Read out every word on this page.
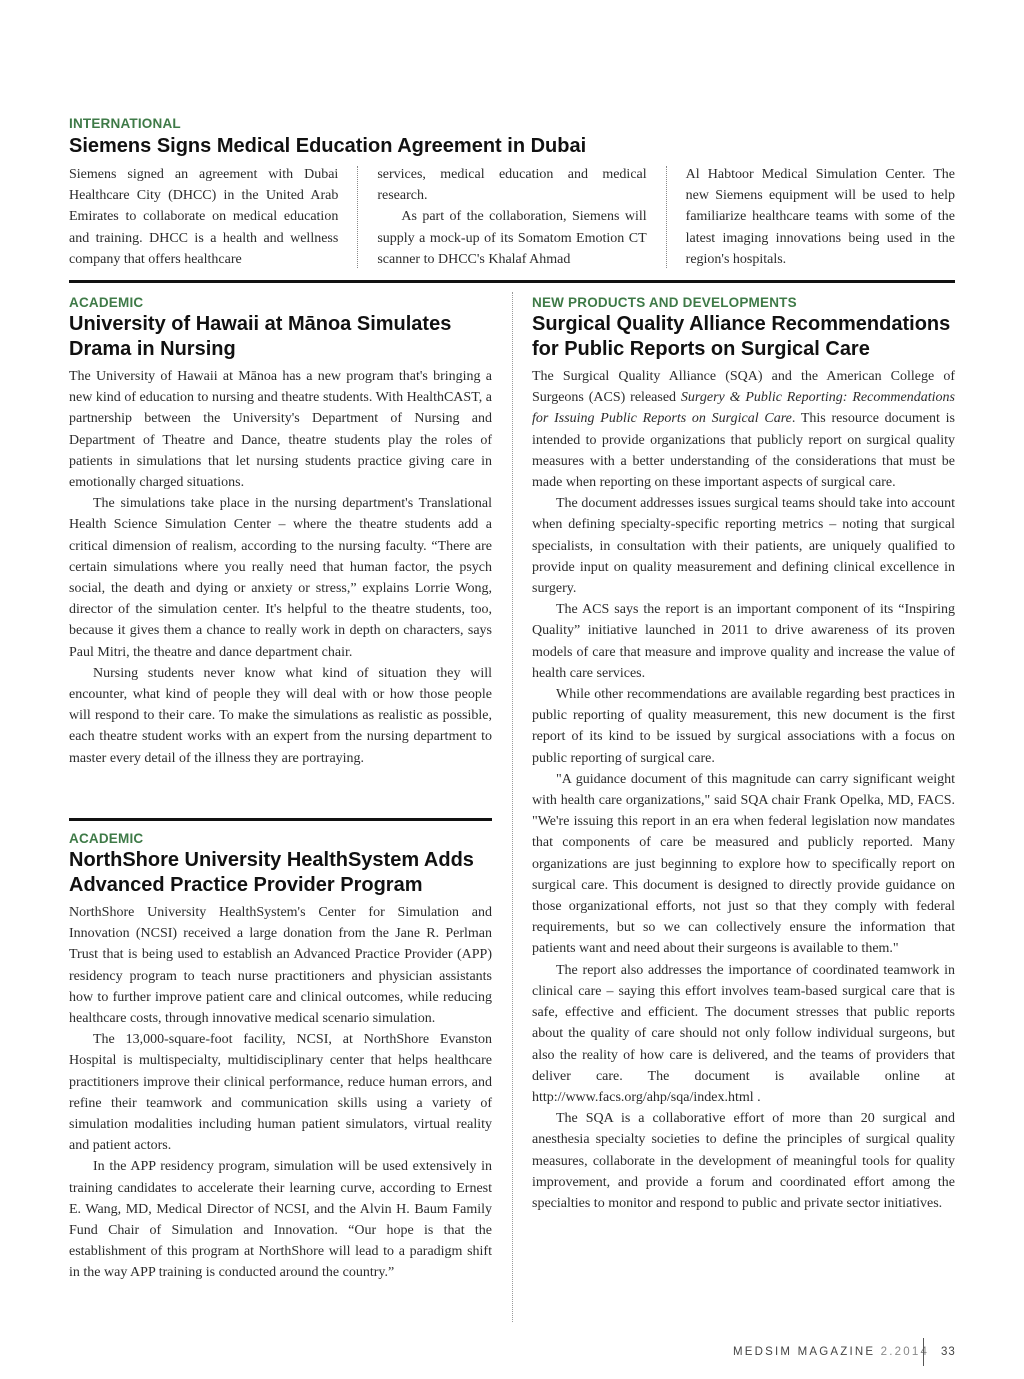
INTERNATIONAL
Siemens Signs Medical Education Agreement in Dubai

Siemens signed an agreement with Dubai Healthcare City (DHCC) in the United Arab Emirates to collaborate on medical education and training. DHCC is a health and wellness company that offers healthcare

services, medical education and medical research.

As part of the collaboration, Siemens will supply a mock-up of its Somatom Emotion CT scanner to DHCC's Khalaf Ahmad

Al Habtoor Medical Simulation Center. The new Siemens equipment will be used to help familiarize healthcare teams with some of the latest imaging innovations being used in the region's hospitals.

ACADEMIC
University of Hawaii at Mānoa Simulates Drama in Nursing

The University of Hawaii at Mānoa has a new program that's bringing a new kind of education to nursing and theatre students. With HealthCAST, a partnership between the University's Department of Nursing and Department of Theatre and Dance, theatre students play the roles of patients in simulations that let nursing students practice giving care in emotionally charged situations.

The simulations take place in the nursing department's Translational Health Science Simulation Center – where the theatre students add a critical dimension of realism, according to the nursing faculty. “There are certain simulations where you really need that human factor, the psych social, the death and dying or anxiety or stress,” explains Lorrie Wong, director of the simulation center. It's helpful to the theatre students, too, because it gives them a chance to really work in depth on characters, says Paul Mitri, the theatre and dance department chair.

Nursing students never know what kind of situation they will encounter, what kind of people they will deal with or how those people will respond to their care. To make the simulations as realistic as possible, each theatre student works with an expert from the nursing department to master every detail of the illness they are portraying.

ACADEMIC
NorthShore University HealthSystem Adds Advanced Practice Provider Program

NorthShore University HealthSystem's Center for Simulation and Innovation (NCSI) received a large donation from the Jane R. Perlman Trust that is being used to establish an Advanced Practice Provider (APP) residency program to teach nurse practitioners and physician assistants how to further improve patient care and clinical outcomes, while reducing healthcare costs, through innovative medical scenario simulation.

The 13,000-square-foot facility, NCSI, at NorthShore Evanston Hospital is multispecialty, multidisciplinary center that helps healthcare practitioners improve their clinical performance, reduce human errors, and refine their teamwork and communication skills using a variety of simulation modalities including human patient simulators, virtual reality and patient actors.

In the APP residency program, simulation will be used extensively in training candidates to accelerate their learning curve, according to Ernest E. Wang, MD, Medical Director of NCSI, and the Alvin H. Baum Family Fund Chair of Simulation and Innovation. “Our hope is that the establishment of this program at NorthShore will lead to a paradigm shift in the way APP training is conducted around the country.”

NEW PRODUCTS AND DEVELOPMENTS
Surgical Quality Alliance Recommendations for Public Reports on Surgical Care

The Surgical Quality Alliance (SQA) and the American College of Surgeons (ACS) released Surgery & Public Reporting: Recommendations for Issuing Public Reports on Surgical Care. This resource document is intended to provide organizations that publicly report on surgical quality measures with a better understanding of the considerations that must be made when reporting on these important aspects of surgical care.

The document addresses issues surgical teams should take into account when defining specialty-specific reporting metrics – noting that surgical specialists, in consultation with their patients, are uniquely qualified to provide input on quality measurement and defining clinical excellence in surgery.

The ACS says the report is an important component of its “Inspiring Quality” initiative launched in 2011 to drive awareness of its proven models of care that measure and improve quality and increase the value of health care services.

While other recommendations are available regarding best practices in public reporting of quality measurement, this new document is the first report of its kind to be issued by surgical associations with a focus on public reporting of surgical care.

"A guidance document of this magnitude can carry significant weight with health care organizations," said SQA chair Frank Opelka, MD, FACS. "We're issuing this report in an era when federal legislation now mandates that components of care be measured and publicly reported. Many organizations are just beginning to explore how to specifically report on surgical care. This document is designed to directly provide guidance on those organizational efforts, not just so that they comply with federal requirements, but so we can collectively ensure the information that patients want and need about their surgeons is available to them."

The report also addresses the importance of coordinated teamwork in clinical care – saying this effort involves team-based surgical care that is safe, effective and efficient. The document stresses that public reports about the quality of care should not only follow individual surgeons, but also the reality of how care is delivered, and the teams of providers that deliver care. The document is available online at http://www.facs.org/ahp/sqa/index.html .

The SQA is a collaborative effort of more than 20 surgical and anesthesia specialty societies to define the principles of surgical quality measures, collaborate in the development of meaningful tools for quality improvement, and provide a forum and coordinated effort among the specialties to monitor and respond to public and private sector initiatives.

MEDSIM MAGAZINE 2.2014 33
